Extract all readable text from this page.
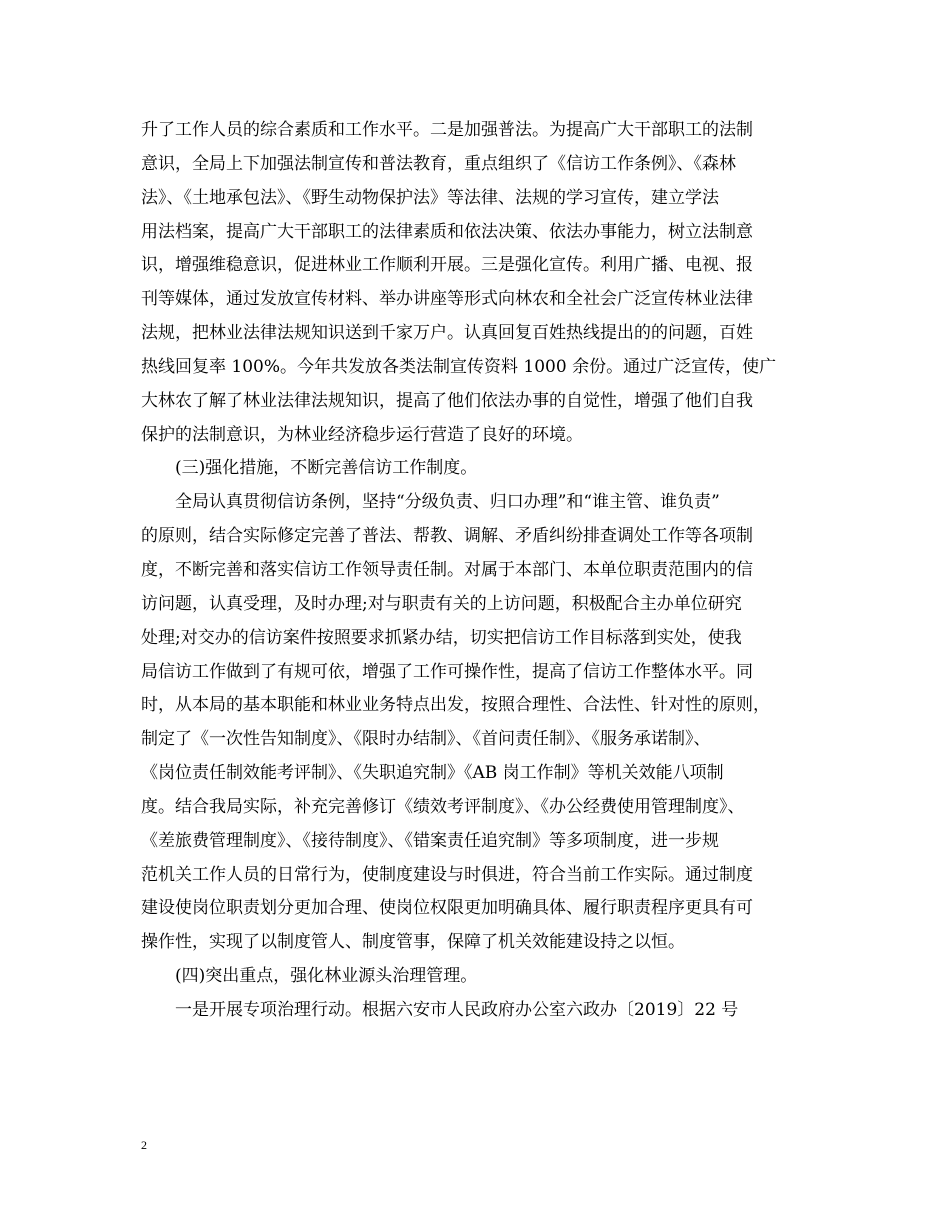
升了工作人员的综合素质和工作水平。二是加强普法。为提高广大干部职工的法制
意识，全局上下加强法制宣传和普法教育，重点组织了《信访工作条例》、《森林
法》、《土地承包法》、《野生动物保护法》等法律、法规的学习宣传，建立学法
用法档案，提高广大干部职工的法律素质和依法决策、依法办事能力，树立法制意
识，增强维稳意识，促进林业工作顺利开展。三是强化宣传。利用广播、电视、报
刊等媒体，通过发放宣传材料、举办讲座等形式向林农和全社会广泛宣传林业法律
法规，把林业法律法规知识送到千家万户。认真回复百姓热线提出的的问题，百姓
热线回复率 100%。今年共发放各类法制宣传资料 1000 余份。通过广泛宣传，使广
大林农了解了林业法律法规知识，提高了他们依法办事的自觉性，增强了他们自我
保护的法制意识，为林业经济稳步运行营造了良好的环境。
　　(三)强化措施，不断完善信访工作制度。
　　全局认真贯彻信访条例，坚持“分级负责、归口办理”和“谁主管、谁负责”
的原则，结合实际修定完善了普法、帮教、调解、矛盾纠纷排查调处工作等各项制
度，不断完善和落实信访工作领导责任制。对属于本部门、本单位职责范围内的信
访问题，认真受理，及时办理;对与职责有关的上访问题，积极配合主办单位研究
处理;对交办的信访案件按照要求抓紧办结，切实把信访工作目标落到实处，使我
局信访工作做到了有规可依，增强了工作可操作性，提高了信访工作整体水平。同
时，从本局的基本职能和林业业务特点出发，按照合理性、合法性、针对性的原则，
制定了《一次性告知制度》、《限时办结制》、《首问责任制》、《服务承诺制》、
《岗位责任制效能考评制》、《失职追究制》《AB 岗工作制》等机关效能八项制
度。结合我局实际，补充完善修订《绩效考评制度》、《办公经费使用管理制度》、
《差旅费管理制度》、《接待制度》、《错案责任追究制》等多项制度，进一步规
范机关工作人员的日常行为，使制度建设与时俱进，符合当前工作实际。通过制度
建设使岗位职责划分更加合理、使岗位权限更加明确具体、履行职责程序更具有可
操作性，实现了以制度管人、制度管事，保障了机关效能建设持之以恒。
　　(四)突出重点，强化林业源头治理管理。
　　一是开展专项治理行动。根据六安市人民政府办公室六政办〔2019〕22 号
2
